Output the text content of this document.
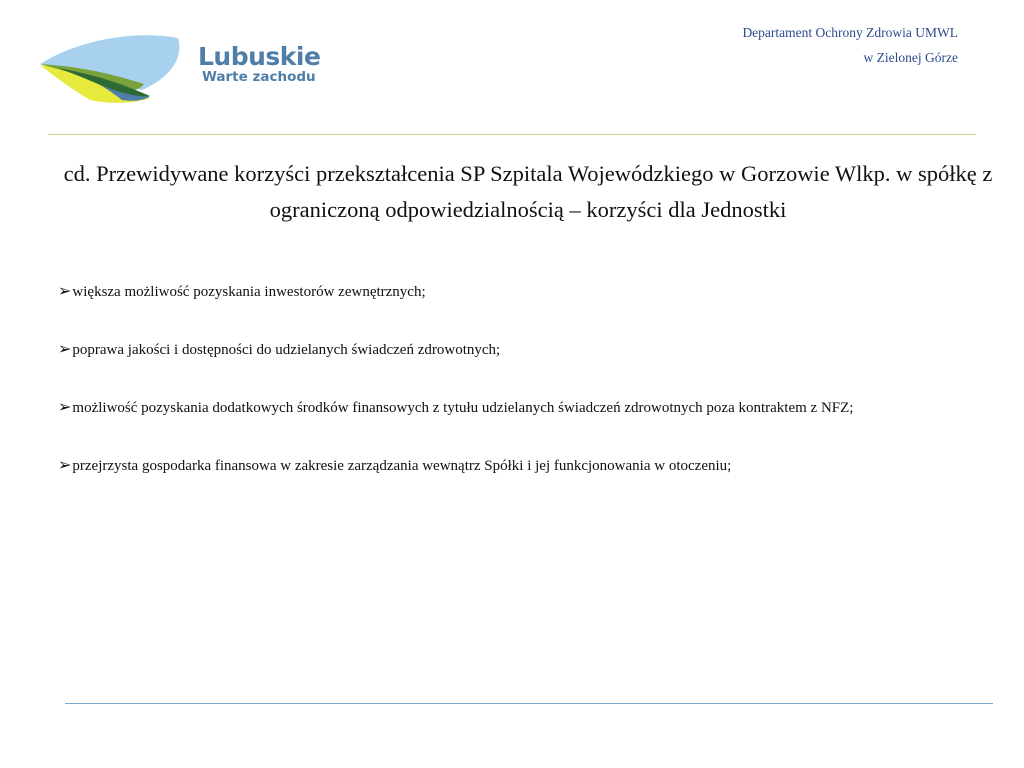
Lubuskie
Warte zachodu
Departament Ochrony Zdrowia UMWL
w Zielonej Górze
cd. Przewidywane korzyści przekształcenia SP Szpitala Wojewódzkiego w Gorzowie Wlkp. w spółkę z ograniczoną odpowiedzialnością – korzyści dla Jednostki

➢większa możliwość pozyskania inwestorów zewnętrznych;

➢poprawa jakości i dostępności do udzielanych świadczeń zdrowotnych;

➢możliwość pozyskania dodatkowych środków finansowych z tytułu udzielanych świadczeń zdrowotnych poza kontraktem z NFZ;

➢przejrzysta gospodarka finansowa w zakresie zarządzania wewnątrz Spółki i jej funkcjonowania w otoczeniu;
